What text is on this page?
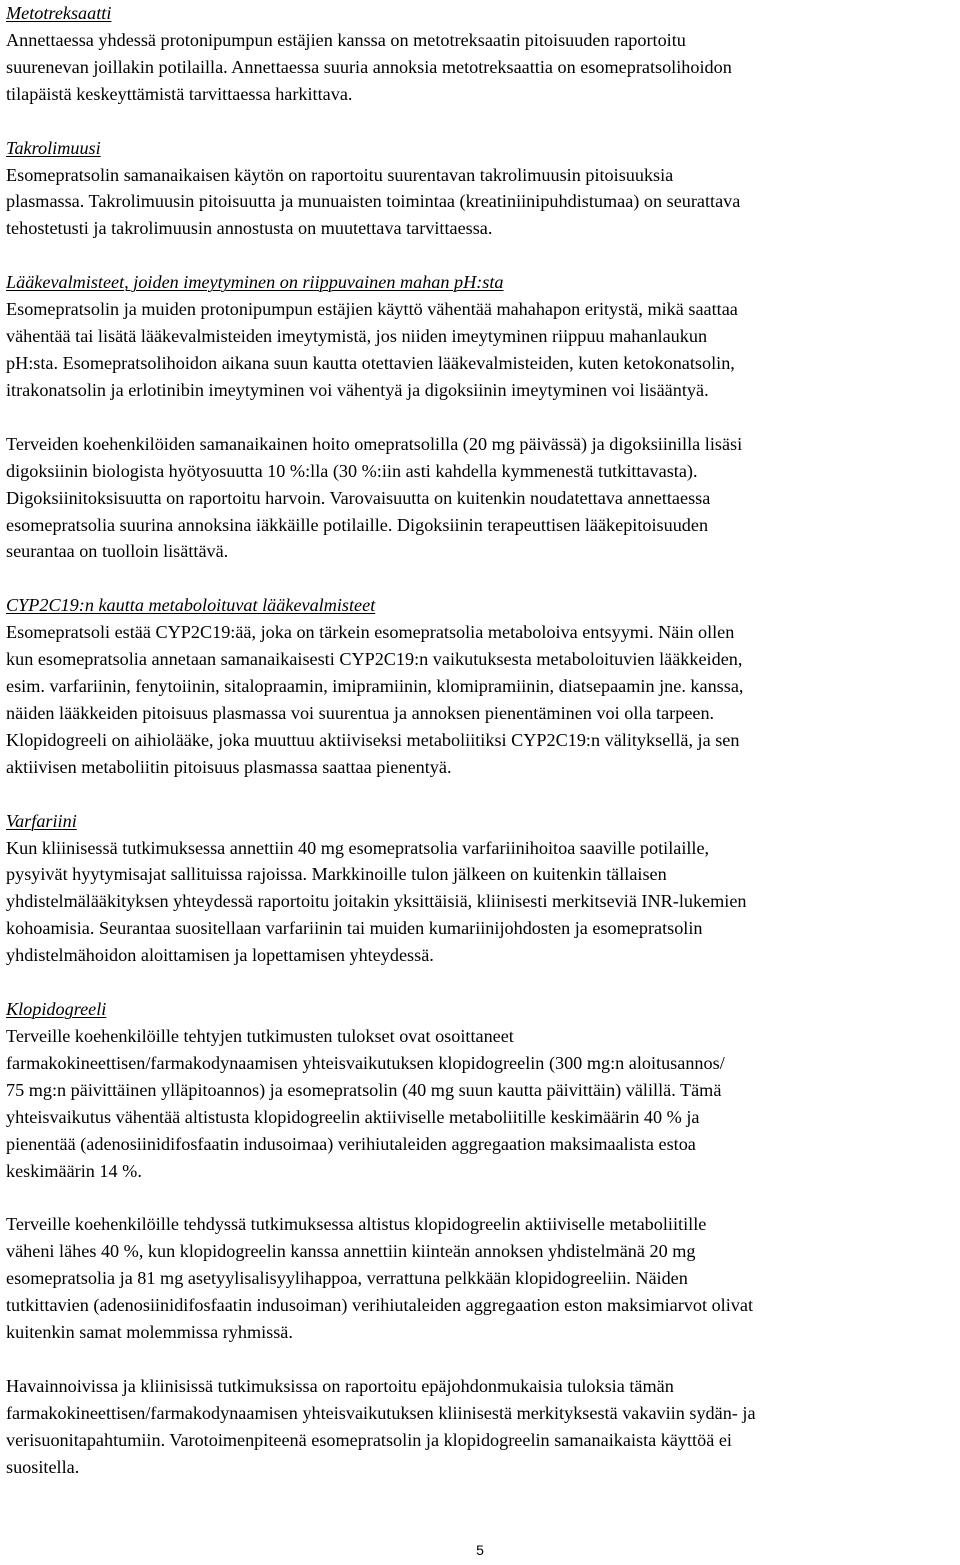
Metotreksaatti
Annettaessa yhdessä protonipumpun estäjien kanssa on metotreksaatin pitoisuuden raportoitu
suurenevan joillakin potilailla. Annettaessa suuria annoksia metotreksaattia on esomepratsolihoidon
tilapäistä keskeyttämistä tarvittaessa harkittava.
Takrolimuusi
Esomepratsolin samanaikaisen käytön on raportoitu suurentavan takrolimuusin pitoisuuksia
plasmassa. Takrolimuusin pitoisuutta ja munuaisten toimintaa (kreatiniinipuhdistumaa) on seurattava
tehostetusti ja takrolimuusin annostusta on muutettava tarvittaessa.
Lääkevalmisteet, joiden imeytyminen on riippuvainen mahan pH:sta
Esomepratsolin ja muiden protonipumpun estäjien käyttö vähentää mahahapon eritystä, mikä saattaa
vähentää tai lisätä lääkevalmisteiden imeytymistä, jos niiden imeytyminen riippuu mahanlaukun
pH:sta. Esomepratsolihoidon aikana suun kautta otettavien lääkevalmisteiden, kuten ketokonatsolin,
itrakonatsolin ja erlotinibin imeytyminen voi vähentyä ja digoksiinin imeytyminen voi lisääntyä.
Terveiden koehenkilöiden samanaikainen hoito omepratsolilla (20 mg päivässä) ja digoksiinilla lisäsi
digoksiinin biologista hyötyosuutta 10 %:lla (30 %:iin asti kahdella kymmenestä tutkittavasta).
Digoksiinitoksisuutta on raportoitu harvoin. Varovaisuutta on kuitenkin noudatettava annettaessa
esomepratsolia suurina annoksina iäkkäille potilaille. Digoksiinin terapeuttisen lääkepitoisuuden
seurantaa on tuolloin lisättävä.
CYP2C19:n kautta metaboloituvat lääkevalmisteet
Esomepratsoli estää CYP2C19:ää, joka on tärkein esomepratsolia metaboloiva entsyymi. Näin ollen
kun esomepratsolia annetaan samanaikaisesti CYP2C19:n vaikutuksesta metaboloituvien lääkkeiden,
esim. varfariinin, fenytoiinin, sitalopraamin, imipramiinin, klomipramiinin, diatsepaamin jne. kanssa,
näiden lääkkeiden pitoisuus plasmassa voi suurentua ja annoksen pienentäminen voi olla tarpeen.
Klopidogreeli on aihiolääke, joka muuttuu aktiiviseksi metaboliitiksi CYP2C19:n välityksellä, ja sen
aktiivisen metaboliitin pitoisuus plasmassa saattaa pienentyä.
Varfariini
Kun kliinisessä tutkimuksessa annettiin 40 mg esomepratsolia varfariinihoitoa saaville potilaille,
pysyivät hyytymisajat sallituissa rajoissa. Markkinoille tulon jälkeen on kuitenkin tällaisen
yhdistelmälääkityksen yhteydessä raportoitu joitakin yksittäisiä, kliinisesti merkitseviä INR-lukemien
kohoamisia. Seurantaa suositellaan varfariinin tai muiden kumariinijohdosten ja esomepratsolin
yhdistelmähoidon aloittamisen ja lopettamisen yhteydessä.
Klopidogreeli
Terveille koehenkilöille tehtyjen tutkimusten tulokset ovat osoittaneet
farmakokineettisen/farmakodynaamisen yhteisvaikutuksen klopidogreelin (300 mg:n aloitusannos/
75 mg:n päivittäinen ylläpitoannos) ja esomepratsolin (40 mg suun kautta päivittäin) välillä. Tämä
yhteisvaikutus vähentää altistusta klopidogreelin aktiiviselle metaboliitille keskimäärin 40 % ja
pienentää (adenosiinidifosfaatin indusoimaa) verihiutaleiden aggregaation maksimaalista estoa
keskimäärin 14 %.
Terveille koehenkilöille tehdyssä tutkimuksessa altistus klopidogreelin aktiiviselle metaboliitille
väheni lähes 40 %, kun klopidogreelin kanssa annettiin kiinteän annoksen yhdistelmänä 20 mg
esomepratsolia ja 81 mg asetyylisalisyylihappoa, verrattuna pelkkään klopidogreeliin. Näiden
tutkittavien (adenosiinidifosfaatin indusoiman) verihiutaleiden aggregaation eston maksimiarvot olivat
kuitenkin samat molemmissa ryhmissä.
Havainnoivissa ja kliinisissä tutkimuksissa on raportoitu epäjohdonmukaisia tuloksia tämän
farmakokineettisen/farmakodynaamisen yhteisvaikutuksen kliinisestä merkityksestä vakaviin sydän- ja
verisuonitapahtumiin. Varotoimenpiteenä esomepratsolin ja klopidogreelin samanaikaista käyttöä ei
suositella.
5
